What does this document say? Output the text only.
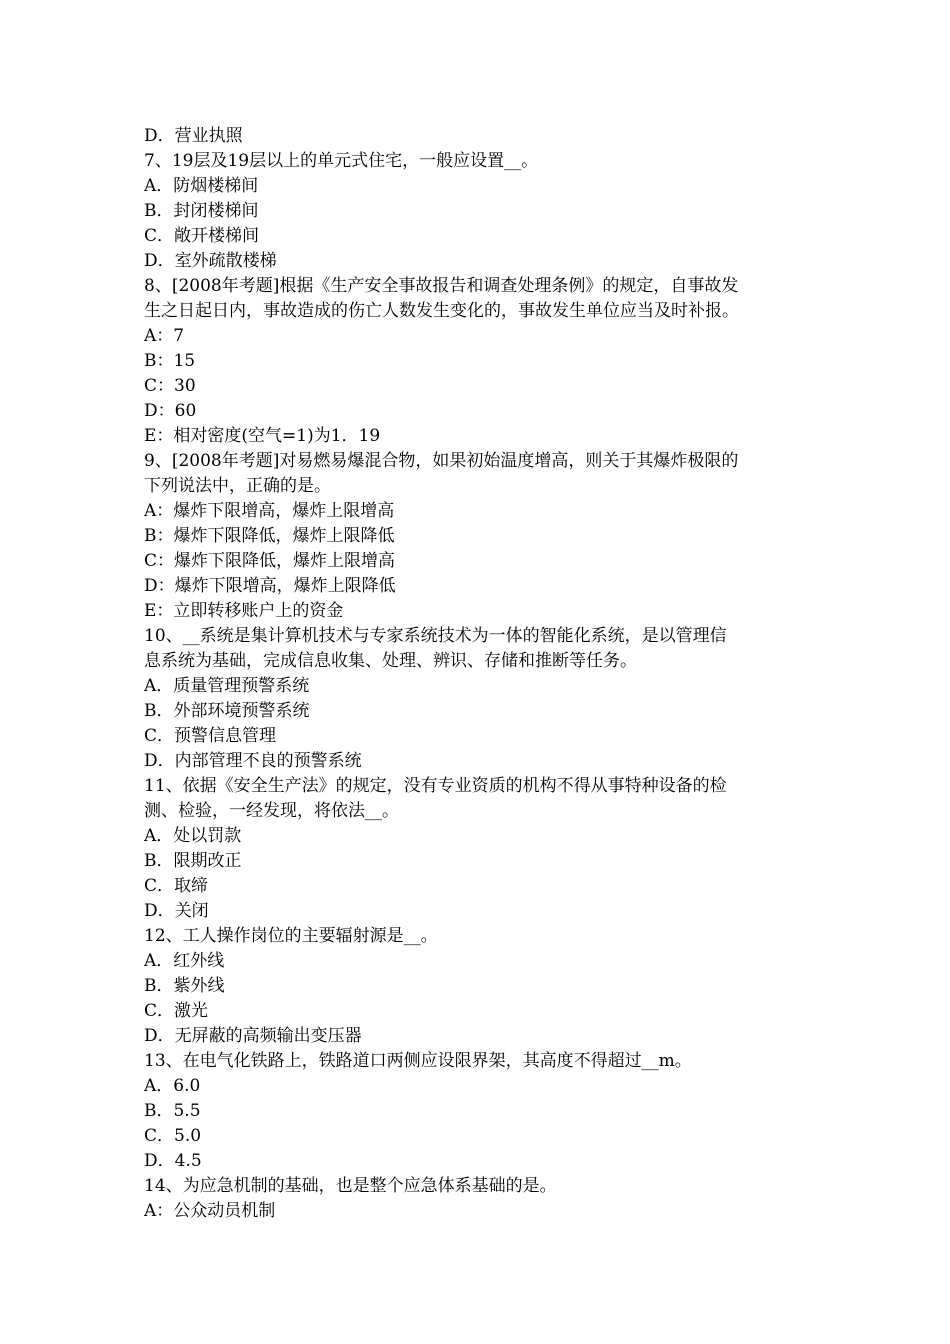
D．营业执照

7、19层及19层以上的单元式住宅，一般应设置__。

A．防烟楼梯间

B．封闭楼梯间

C．敞开楼梯间

D．室外疏散楼梯

8、[2008年考题]根据《生产安全事故报告和调查处理条例》的规定，自事故发

生之日起日内，事故造成的伤亡人数发生变化的，事故发生单位应当及时补报。

A：7

B：15

C：30

D：60

E：相对密度(空气=1)为1．19

9、[2008年考题]对易燃易爆混合物，如果初始温度增高，则关于其爆炸极限的

下列说法中，正确的是。

A：爆炸下限增高，爆炸上限增高

B：爆炸下限降低，爆炸上限降低

C：爆炸下限降低，爆炸上限增高

D：爆炸下限增高，爆炸上限降低

E：立即转移账户上的资金

10、__系统是集计算机技术与专家系统技术为一体的智能化系统，是以管理信

息系统为基础，完成信息收集、处理、辨识、存储和推断等任务。

A．质量管理预警系统

B．外部环境预警系统

C．预警信息管理

D．内部管理不良的预警系统

11、依据《安全生产法》的规定，没有专业资质的机构不得从事特种设备的检

测、检验，一经发现，将依法__。

A．处以罚款

B．限期改正

C．取缔

D．关闭

12、工人操作岗位的主要辐射源是__。

A．红外线

B．紫外线

C．激光

D．无屏蔽的高频输出变压器

13、在电气化铁路上，铁路道口两侧应设限界架，其高度不得超过__m。

A．6.0

B．5.5

C．5.0

D．4.5

14、为应急机制的基础，也是整个应急体系基础的是。

A：公众动员机制
